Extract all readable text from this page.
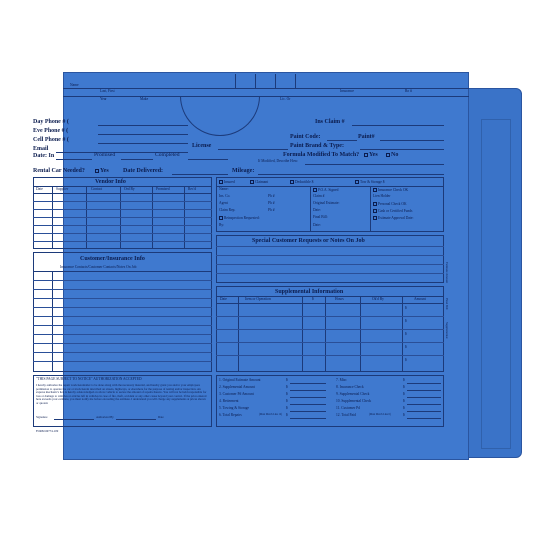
Name
Last, First
Year	Make	Lic. Or
Insurance	Ro #
Day Phone # (
Eve Phone # (
Cell Phone # (
Email
Ins Claim #
Paint Code:	Paint#
License	Paint Brand & Type:
Formula Modified To Match?	Yes	No
If Modified, Describe How:
Date: In	Promised	Completed
Rental Car Needed?	Yes Date Delivered:	Mileage:
Vendor Info
Date	Supplier	Contact	Ord By	Promised	Rec'd
Insured	Claimant	Deductible $	Tow & Storage $
Name:
Ins. Co.
Agent
Claim Rep.
Reinspection Requested:
By:
Ph #
Ph #
Ph #
P.O.A. Signed
Claim #
Original Estimate:
Date:
Final Bill:
Date:
Insurance Check OK
Lien Holder
Personal Check OK
Cash or Certified Funds
Estimate Approval Date:
Special Customer Requests or Notes On Job
Customer/Insurance Info
Insurance Contacts/Customer Contacts/Notes On Job
Supplemental Information
Date	Item or Operation	$	Hours	Ok'd By	Amount
$
$
$
$
$
"THIS PAGE SUBJECT TO NOTICE" AUTHORIZATION ACCEPTED
I hereby authorize the repair work hereinafter to be done along with the necessary material, and hereby grant you and/or your employees permission to operate the car or truck herein described on streets, highways, or elsewhere for the purpose of testing and/or inspection. An express mechanic's lien is hereby acknowledged on above vehicle to secure the amount of repairs thereto. You will not be held responsible for loss or damage to vehicles or articles left in vehicles in case of fire, theft, accident or any other cause beyond your control. If the price entered here exceeds your estimate, you must notify me before exceeding the estimate. I understand you will charge any supplements at prices shown or quoted.
Signature	Authorized By	Date
FORM #9774-109
1. Original Estimate Amount
2. Supplemental Amount
3. Customer Pd Amount
4. Betterment
5. Towing & Storage
6. Total Repairs	(Must Match Line 12)
$
$
$
$
$
$
7. Misc
8. Insurance Check
9. Supplemental Check
10. Supplemental Check
11. Customer Pd
12. Total Paid	(Must Match Line 6)
$
$
$
$
$
$
Estimate Amount
Final Bill
Supplemental
